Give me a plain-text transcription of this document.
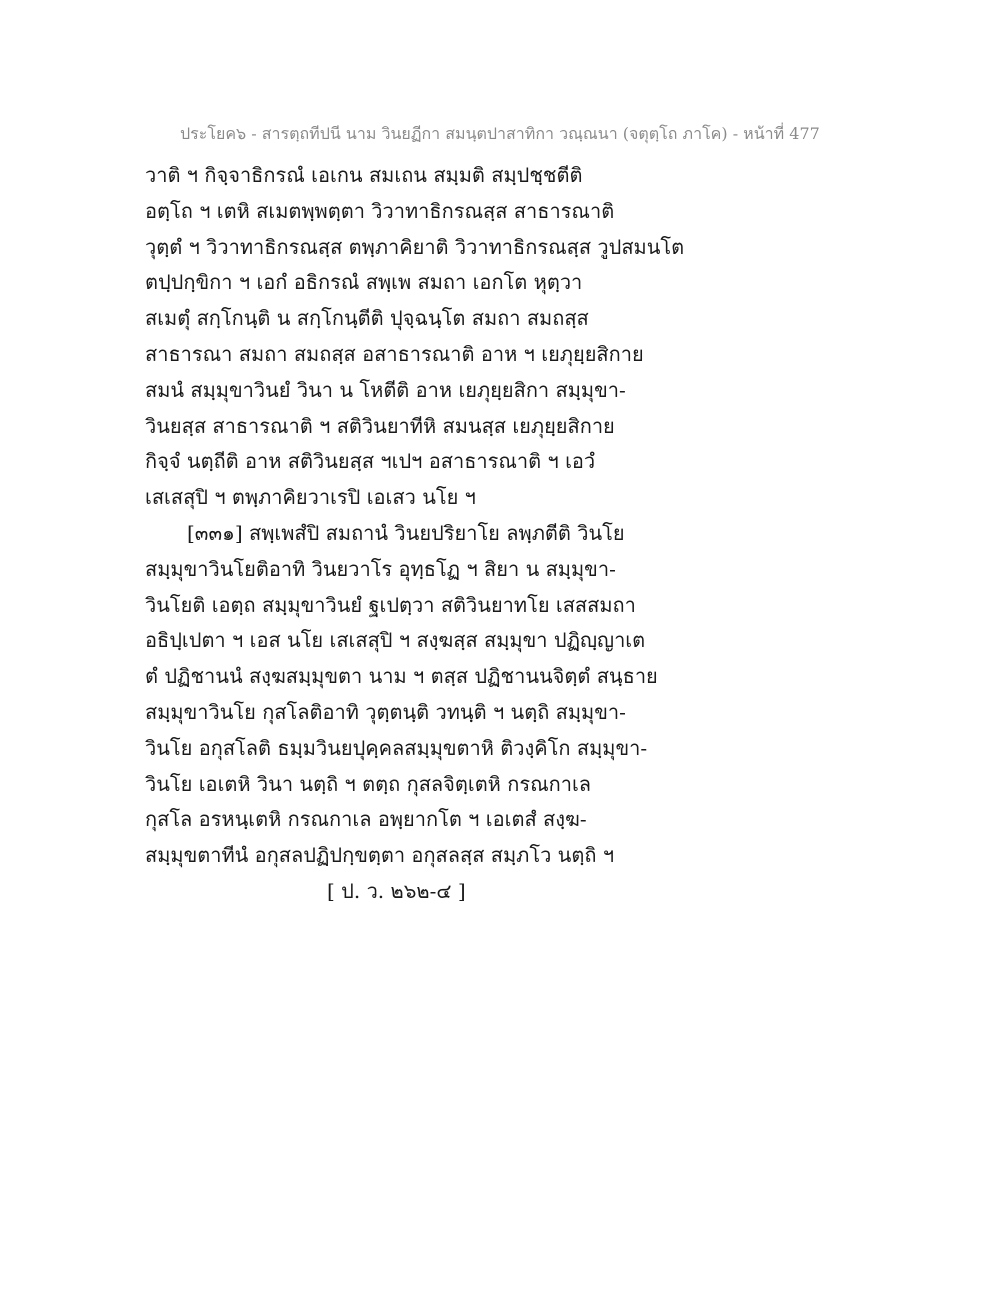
ประโยค๖ - สารตฺถทีปนี นาม วินยฏีกา สมนฺตปาสาทิกา วณฺณนา (จตุตฺโถ ภาโค) - หน้าที่ 477
วาติ ฯ กิจฺจาธิกรณํ เอเกน สมเถน สมฺมติ สมฺปชฺชตีติ
อตฺโถ ฯ เตหิ สเมตพฺพตฺตา วิวาทาธิกรณสฺส สาธารณาติ
วุตฺตํ ฯ วิวาทาธิกรณสฺส ตพฺภาคิยาติ วิวาทาธิกรณสฺส วูปสมนโต
ตปฺปกฺขิกา ฯ เอกํ อธิกรณํ สพฺเพ สมถา เอกโต หุตฺวา
สเมตุํ สกฺโกนฺติ น สกฺโกนฺตีติ ปุจฺฉนฺโต สมถา สมถสฺส
สาธารณา สมถา สมถสฺส อสาธารณาติ อาห ฯ เยภุยฺยสิกาย
สมนํ สมฺมุขาวินยํ วินา น โหตีติ อาห เยภุยฺยสิกา สมฺมุขา-
วินยสฺส สาธารณาติ ฯ สติวินยาทีหิ สมนสฺส เยภุยฺยสิกาย
กิจฺจํ นตฺถีติ อาห สติวินยสฺส ฯเปฯ อสาธารณาติ ฯ เอวํ
เสเสสุปิ ฯ ตพฺภาคิยวาเรปิ เอเสว นโย ฯ
[๓๓๑] สพฺเพสํปิ สมถานํ วินยปริยาโย ลพฺภตีติ วินโย
สมฺมุขาวินโยติอาทิ วินยวาโร อุทฺธโฏ ฯ สิยา น สมฺมุขา-
วินโยติ เอตฺถ สมฺมุขาวินยํ ฐเปตฺวา สติวินยาทโย เสสสมถา
อธิปฺเปตา ฯ เอส นโย เสเสสุปิ ฯ สงฺฆสฺส สมฺมุขา ปฏิญฺญาเต
ตํ ปฏิชานนํ สงฺฆสมฺมุขตา นาม ฯ ตสฺส ปฏิชานนจิตฺตํ สนฺธาย
สมฺมุขาวินโย กุสโลติอาทิ วุตฺตนฺติ วทนฺติ ฯ นตฺถิ สมฺมุขา-
วินโย อกุสโลติ ธมฺมวินยปุคฺคลสมฺมุขตาหิ ติวงฺคิโก สมฺมุขา-
วินโย เอเตหิ วินา นตฺถิ ฯ ตตฺถ กุสลจิตฺเตหิ กรณกาเล
กุสโล อรหนฺเตหิ กรณกาเล อพฺยากโต ฯ เอเตสํ สงฺฆ-
สมฺมุขตาทีนํ อกุสลปฏิปกฺขตฺตา อกุสลสฺส สมฺภโว นตฺถิ ฯ
[ ป. ว. ๒๖๒-๔ ]
